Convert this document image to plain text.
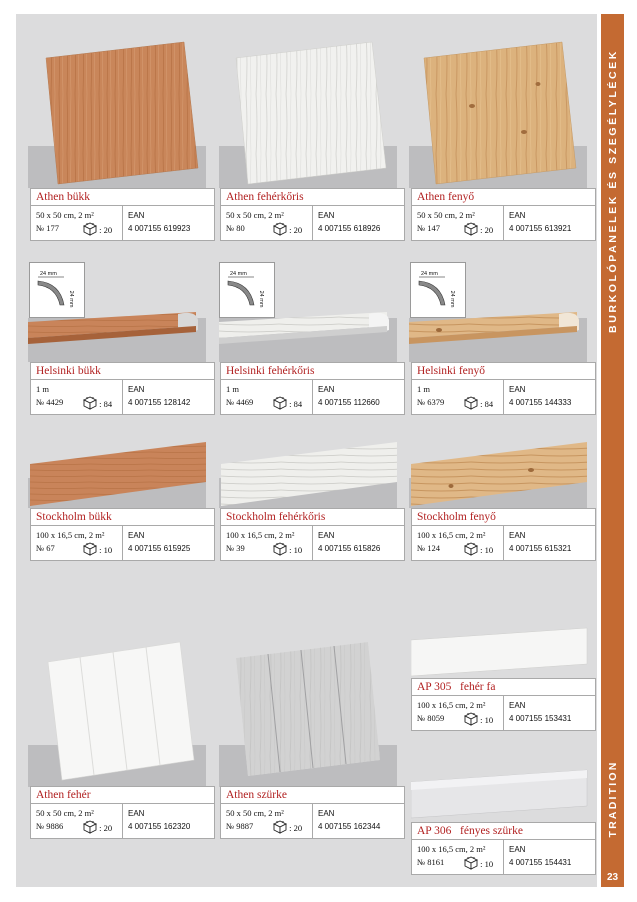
BURKOLÓPANELEK ÉS SZEGÉLYLÉCEK
TRADITION
23
Athen bükk
50 x 50 cm, 2 m²
№ 177	: 20
EAN
4 007155 619923
Athen fehérkőris
50 x 50 cm, 2 m²
№ 80	: 20
EAN
4 007155 618926
Athen fenyő
50 x 50 cm, 2 m²
№ 147	: 20
EAN
4 007155 613921
24 mm
24 mm
24 mm
24 mm
24 mm
24 mm
Helsinki bükk
1 m
№ 4429	: 84
EAN
4 007155 128142
Helsinki fehérkőris
1 m
№ 4469	: 84
EAN
4 007155 112660
Helsinki fenyő
1 m
№ 6379	: 84
EAN
4 007155 144333
Stockholm bükk
100 x 16,5 cm, 2 m²
№ 67	: 10
EAN
4 007155 615925
Stockholm fehérkőris
100 x 16,5 cm, 2 m²
№ 39	: 10
EAN
4 007155 615826
Stockholm fenyő
100 x 16,5 cm, 2 m²
№ 124	: 10
EAN
4 007155 615321
AP 305   fehér fa
100 x 16,5 cm, 2 m²
№ 8059	: 10
EAN
4 007155 153431
Athen fehér
50 x 50 cm, 2 m²
№ 9886	: 20
EAN
4 007155 162320
Athen szürke
50 x 50 cm, 2 m²
№ 9887	: 20
EAN
4 007155 162344	AP 306   fényes szürke
100 x 16,5 cm, 2 m²
№ 8161	: 10
EAN
4 007155 154431
